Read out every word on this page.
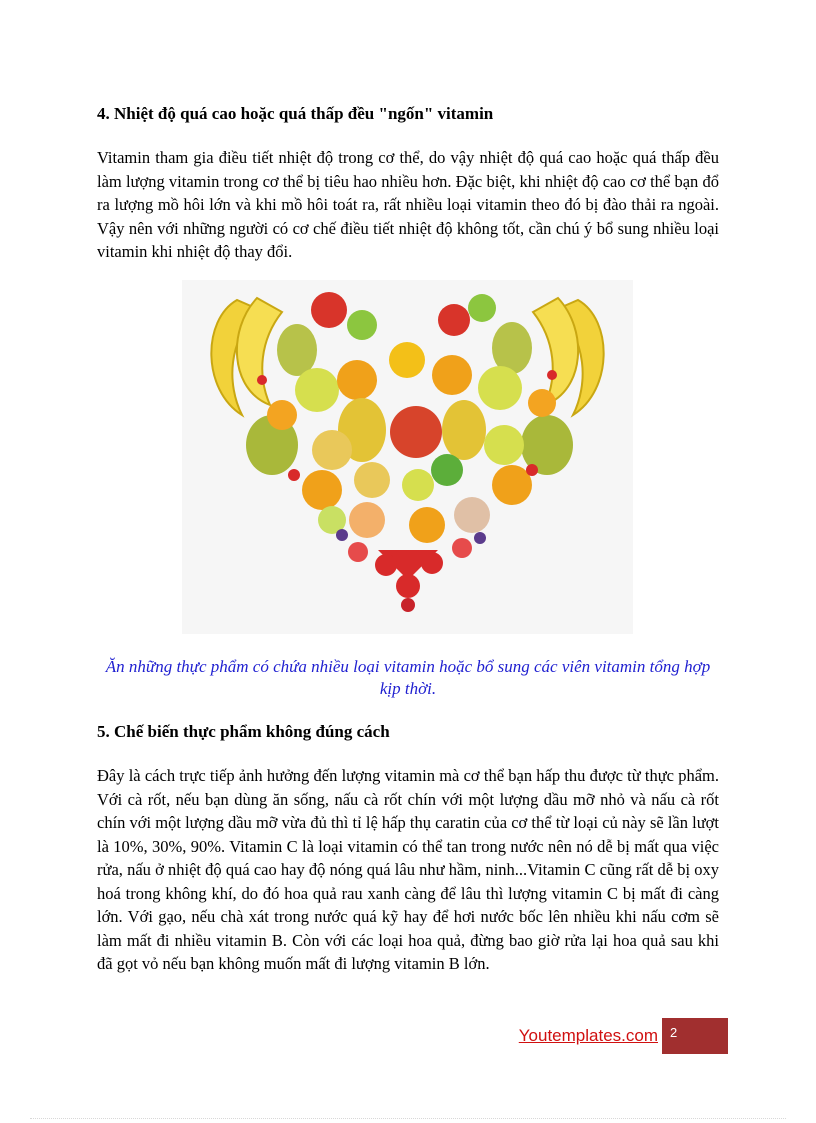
4. Nhiệt độ quá cao hoặc quá thấp đều "ngốn" vitamin
Vitamin tham gia điều tiết nhiệt độ trong cơ thể, do vậy nhiệt độ quá cao hoặc quá thấp đều làm lượng vitamin trong cơ thể bị tiêu hao nhiều hơn. Đặc biệt, khi nhiệt độ cao cơ thể bạn đổ ra lượng mồ hôi lớn và khi mồ hôi toát ra, rất nhiều loại vitamin theo đó bị đào thải ra ngoài. Vậy nên với những người có cơ chế điều tiết nhiệt độ không tốt, cần chú ý bổ sung nhiều loại vitamin khi nhiệt độ thay đổi.
Ăn những thực phẩm có chứa nhiều loại vitamin hoặc bổ sung các viên vitamin tổng hợp kịp thời.
5. Chế biến thực phẩm không đúng cách
Đây là cách trực tiếp ảnh hưởng đến lượng vitamin mà cơ thể bạn hấp thu được từ thực phẩm. Với cà rốt, nếu bạn dùng ăn sống, nấu cà rốt chín với một lượng dầu mỡ nhỏ và nấu cà rốt chín với một lượng dầu mỡ vừa đủ thì tỉ lệ hấp thụ caratin của cơ thể từ loại củ này sẽ lần lượt là 10%, 30%, 90%. Vitamin C là loại vitamin có thể tan trong nước nên nó dễ bị mất qua việc rửa, nấu ở nhiệt độ quá cao hay độ nóng quá lâu như hầm, ninh...Vitamin C cũng rất dễ bị oxy hoá trong không khí, do đó hoa quả rau xanh càng để lâu thì lượng vitamin C bị mất đi càng lớn. Với gạo, nếu chà xát trong nước quá kỹ hay để hơi nước bốc lên nhiều khi nấu cơm sẽ làm mất đi nhiều vitamin B. Còn với các loại hoa quả, đừng bao giờ rửa lại hoa quả sau khi đã gọt vỏ nếu bạn không muốn mất đi lượng vitamin B lớn.
Youtemplates.com 2
